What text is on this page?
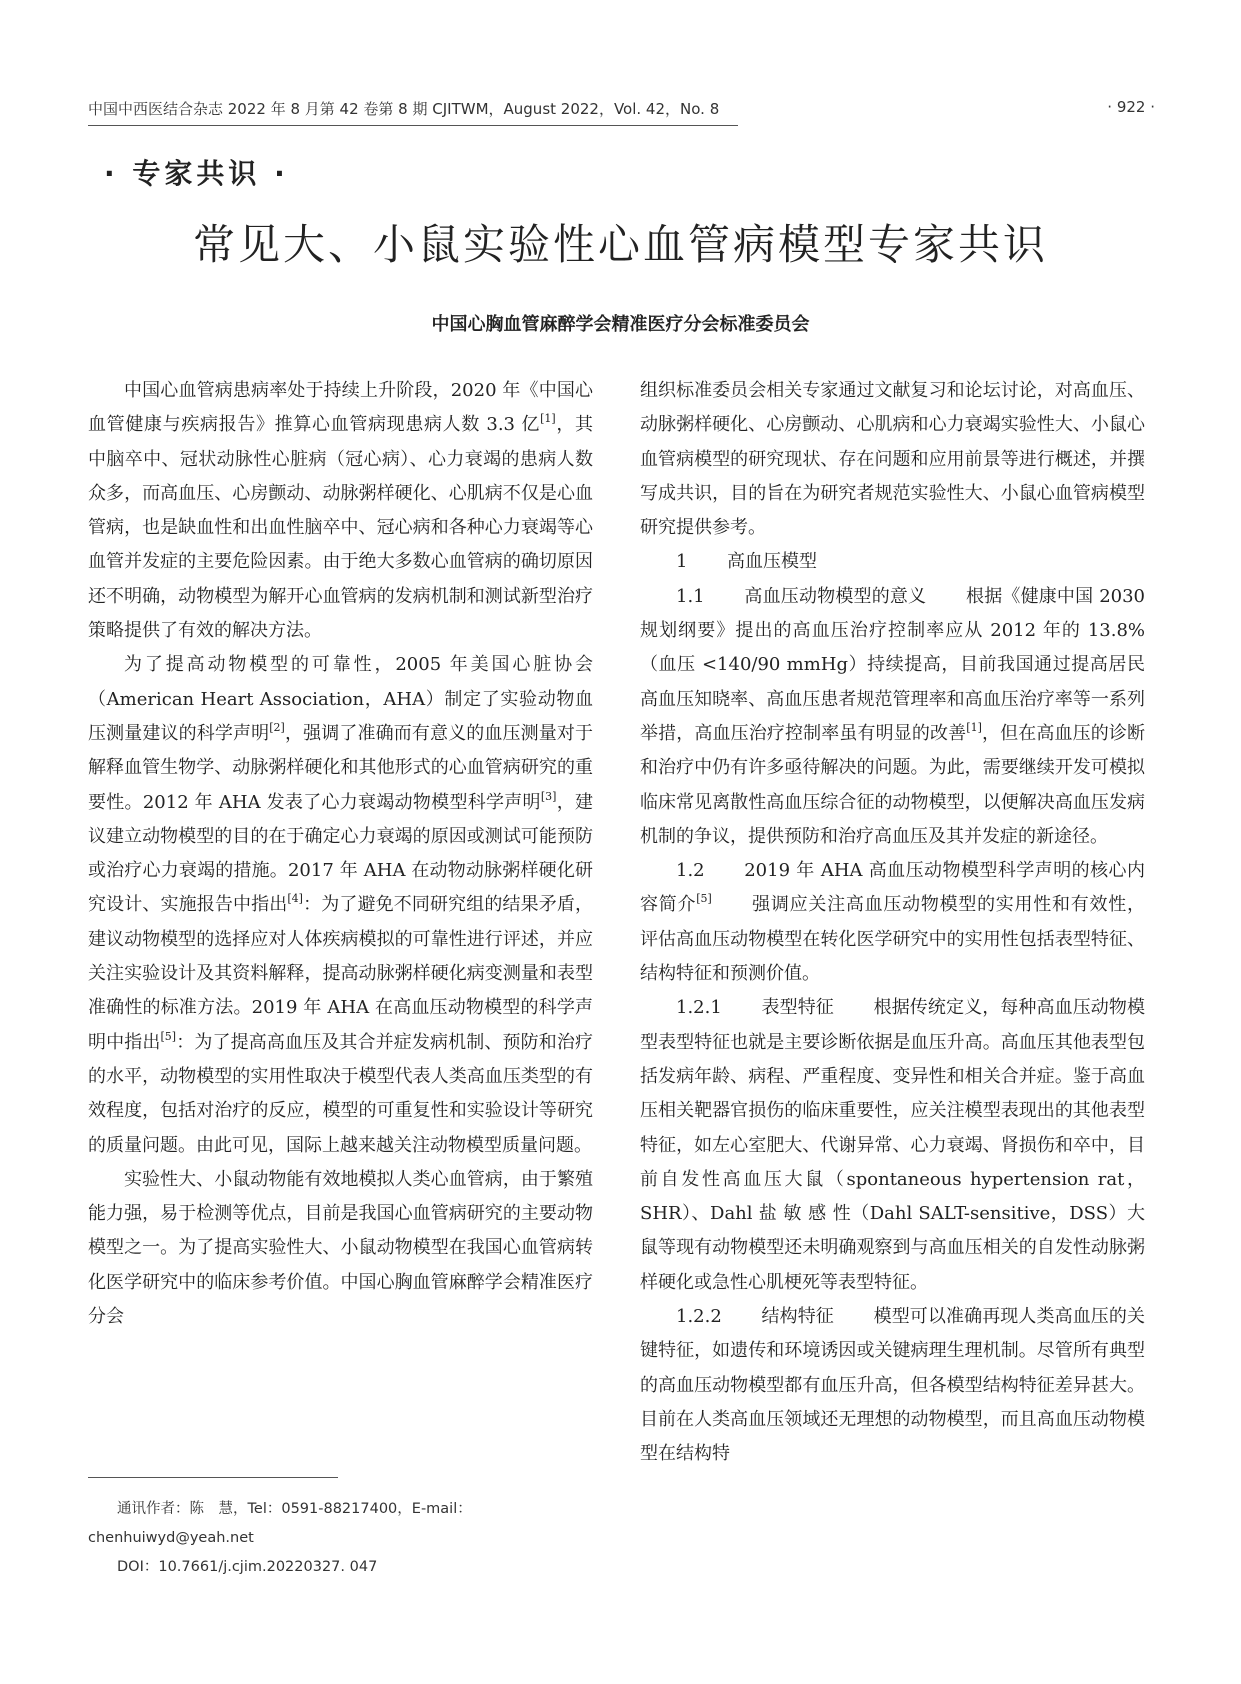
中国中西医结合杂志 2022 年 8 月第 42 卷第 8 期 CJITWM，August 2022，Vol. 42，No. 8	· 922 ·
· 专家共识 ·
常见大、小鼠实验性心血管病模型专家共识
中国心胸血管麻醉学会精准医疗分会标准委员会

中国心血管病患病率处于持续上升阶段，2020 年《中国心血管健康与疾病报告》推算心血管病现患病人数 3.3 亿[1]，其中脑卒中、冠状动脉性心脏病（冠心病）、心力衰竭的患病人数众多，而高血压、心房颤动、动脉粥样硬化、心肌病不仅是心血管病，也是缺血性和出血性脑卒中、冠心病和各种心力衰竭等心血管并发症的主要危险因素。由于绝大多数心血管病的确切原因还不明确，动物模型为解开心血管病的发病机制和测试新型治疗策略提供了有效的解决方法。

为了提高动物模型的可靠性，2005 年美国心脏协会（American Heart Association，AHA）制定了实验动物血压测量建议的科学声明[2]，强调了准确而有意义的血压测量对于解释血管生物学、动脉粥样硬化和其他形式的心血管病研究的重要性。2012 年 AHA 发表了心力衰竭动物模型科学声明[3]，建议建立动物模型的目的在于确定心力衰竭的原因或测试可能预防或治疗心力衰竭的措施。2017 年 AHA 在动物动脉粥样硬化研究设计、实施报告中指出[4]：为了避免不同研究组的结果矛盾，建议动物模型的选择应对人体疾病模拟的可靠性进行评述，并应关注实验设计及其资料解释，提高动脉粥样硬化病变测量和表型准确性的标准方法。2019 年 AHA 在高血压动物模型的科学声明中指出[5]：为了提高高血压及其合并症发病机制、预防和治疗的水平，动物模型的实用性取决于模型代表人类高血压类型的有效程度，包括对治疗的反应，模型的可重复性和实验设计等研究的质量问题。由此可见，国际上越来越关注动物模型质量问题。

实验性大、小鼠动物能有效地模拟人类心血管病，由于繁殖能力强，易于检测等优点，目前是我国心血管病研究的主要动物模型之一。为了提高实验性大、小鼠动物模型在我国心血管病转化医学研究中的临床参考价值。中国心胸血管麻醉学会精准医疗分会

组织标准委员会相关专家通过文献复习和论坛讨论，对高血压、动脉粥样硬化、心房颤动、心肌病和心力衰竭实验性大、小鼠心血管病模型的研究现状、存在问题和应用前景等进行概述，并撰写成共识，目的旨在为研究者规范实验性大、小鼠心血管病模型研究提供参考。

1 高血压模型

1.1 高血压动物模型的意义 根据《健康中国 2030 规划纲要》提出的高血压治疗控制率应从 2012 年的 13.8%（血压 <140/90 mmHg）持续提高，目前我国通过提高居民高血压知晓率、高血压患者规范管理率和高血压治疗率等一系列举措，高血压治疗控制率虽有明显的改善[1]，但在高血压的诊断和治疗中仍有许多亟待解决的问题。为此，需要继续开发可模拟临床常见离散性高血压综合征的动物模型，以便解决高血压发病机制的争议，提供预防和治疗高血压及其并发症的新途径。

1.2 2019 年 AHA 高血压动物模型科学声明的核心内容简介[5] 强调应关注高血压动物模型的实用性和有效性，评估高血压动物模型在转化医学研究中的实用性包括表型特征、结构特征和预测价值。

1.2.1 表型特征 根据传统定义，每种高血压动物模型表型特征也就是主要诊断依据是血压升高。高血压其他表型包括发病年龄、病程、严重程度、变异性和相关合并症。鉴于高血压相关靶器官损伤的临床重要性，应关注模型表现出的其他表型特征，如左心室肥大、代谢异常、心力衰竭、肾损伤和卒中，目前自发性高血压大鼠（spontaneous hypertension rat，SHR）、Dahl 盐 敏 感 性（Dahl SALT-sensitive，DSS）大鼠等现有动物模型还未明确观察到与高血压相关的自发性动脉粥样硬化或急性心肌梗死等表型特征。

1.2.2 结构特征 模型可以准确再现人类高血压的关键特征，如遗传和环境诱因或关键病理生理机制。尽管所有典型的高血压动物模型都有血压升高，但各模型结构特征差异甚大。目前在人类高血压领域还无理想的动物模型，而且高血压动物模型在结构特

通讯作者：陈　慧，Tel：0591-88217400，E-mail：chenhuiwyd@yeah.net

DOI：10.7661/j.cjim.20220327. 047
